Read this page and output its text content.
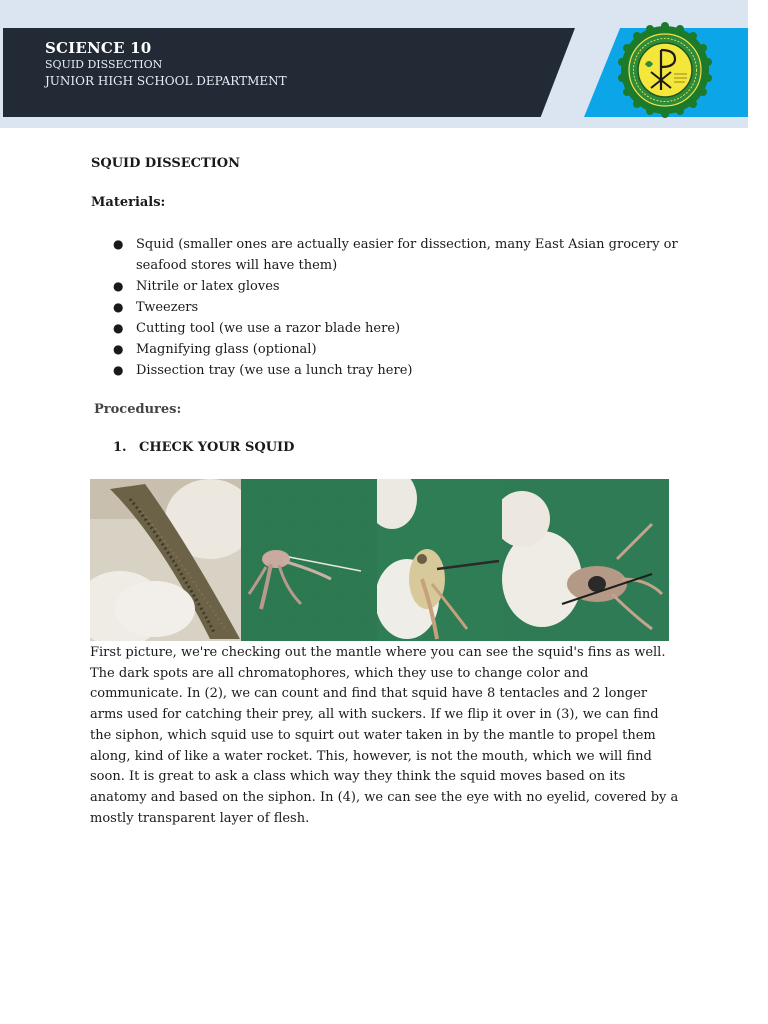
SCIENCE 10
SQUID DISSECTION
JUNIOR HIGH SCHOOL DEPARTMENT
SQUID DISSECTION
Materials:
● Squid (smaller ones are actually easier for dissection, many East Asian grocery or seafood stores will have them)
● Nitrile or latex gloves
● Tweezers
● Cutting tool (we use a razor blade here)
● Magnifying glass (optional)
● Dissection tray (we use a lunch tray here)
Procedures:
1. CHECK YOUR SQUID

First picture, we're checking out the mantle where you can see the squid's fins as well. The dark spots are all chromatophores, which they use to change color and communicate. In (2), we can count and find that squid have 8 tentacles and 2 longer arms used for catching their prey, all with suckers. If we flip it over in (3), we can find the siphon, which squid use to squirt out water taken in by the mantle to propel them along, kind of like a water rocket. This, however, is not the mouth, which we will find soon. It is great to ask a class which way they think the squid moves based on its anatomy and based on the siphon. In (4), we can see the eye with no eyelid, covered by a mostly transparent layer of flesh.
